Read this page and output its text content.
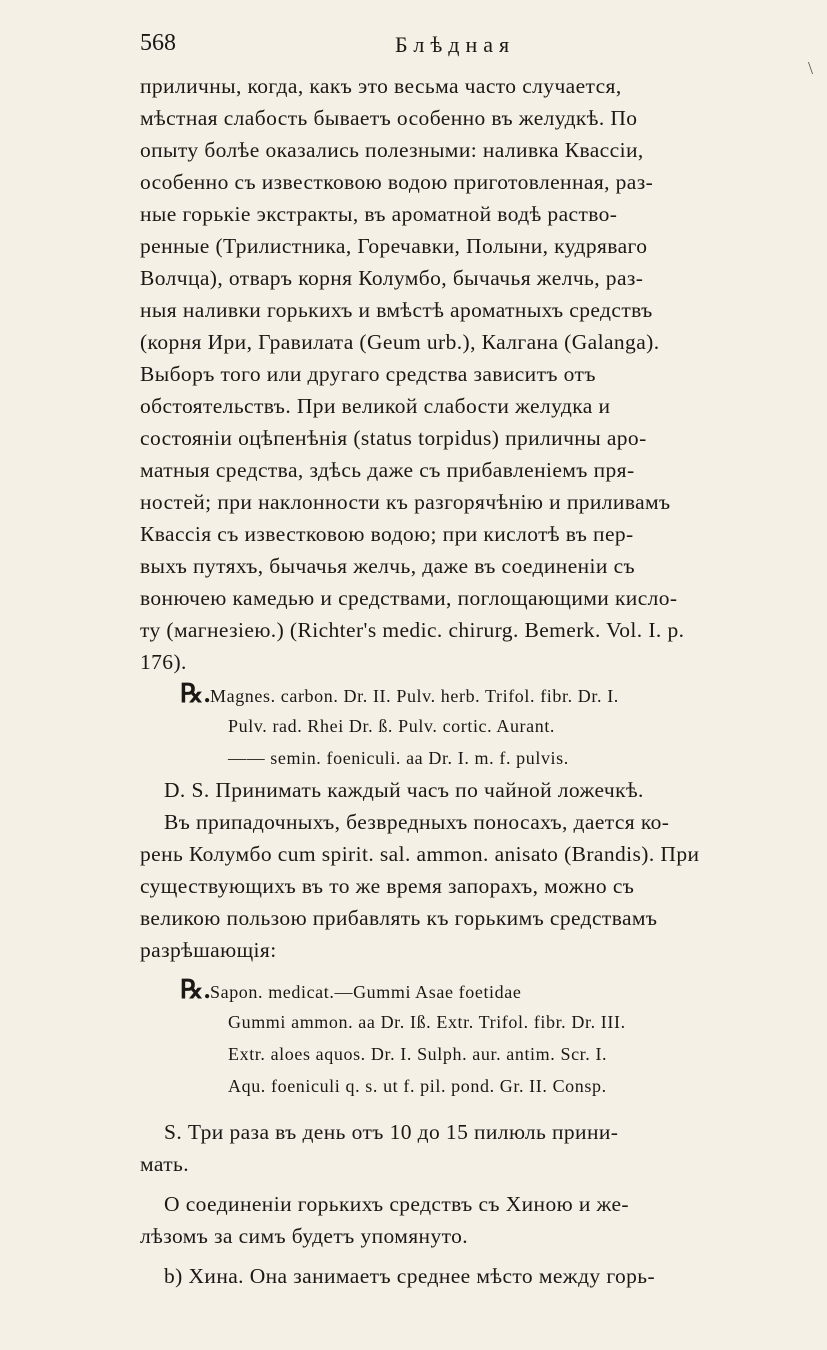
568	Блѣдная
\
приличны, когда, какъ это весьма часто случается,
мѣстная слабость бываетъ особенно въ желудкѣ. По
опыту болѣе оказались полезными: наливка Квассіи,
особенно съ известковою водою приготовленная, раз-
ные горькіе экстракты, въ ароматной водѣ раство-
ренные (Трилистника, Горечавки, Полыни, кудряваго
Волчца), отваръ корня Колумбо, бычачья желчь, раз-
ныя наливки горькихъ и вмѣстѣ ароматныхъ средствъ
(корня Ири, Гравилата (Geum urb.), Калгана (Galanga).
Выборъ того или другаго средства зависитъ отъ
обстоятельствъ. При великой слабости желудка и
состояніи оцѣпенѣнія (status torpidus) приличны аро-
матныя средства, здѣсь даже съ прибавленіемъ пря-
ностей; при наклонности къ разгорячѣнію и приливамъ
Квассія съ известковою водою; при кислотѣ въ пер-
выхъ путяхъ, бычачья желчь, даже въ соединеніи съ
вонючею камедью и средствами, поглощающими кисло-
ту (магнезіею.) (Richter's medic. chirurg. Bemerk. Vol. I. p.
176).
℞.Magnes. carbon. Dr. II. Pulv. herb. Trifol. fibr. Dr. I.
Pulv. rad. Rhei Dr. ß. Pulv. cortic. Aurant.
—— semin. foeniculi. aa Dr. I. m. f. pulvis.
D. S. Принимать каждый часъ по чайной ложечкѣ.
Въ припадочныхъ, безвредныхъ поносахъ, дается ко-
рень Колумбо cum spirit. sal. ammon. anisato (Brandis). При
существующихъ въ то же время запорахъ, можно съ
великою пользою прибавлять къ горькимъ средствамъ
разрѣшающія:
℞.Sapon. medicat.—Gummi Asae foetidae
Gummi ammon. aa Dr. Iß. Extr. Trifol. fibr. Dr. III.
Extr. aloes aquos. Dr. I. Sulph. aur. antim. Scr. I.
Aqu. foeniculi q. s. ut f. pil. pond. Gr. II. Consp.
S. Три раза въ день отъ 10 до 15 пилюль прини-
мать.
О соединеніи горькихъ средствъ съ Хиною и же-
лѣзомъ за симъ будетъ упомянуто.
b) Хина. Она занимаетъ среднее мѣсто между горь-
